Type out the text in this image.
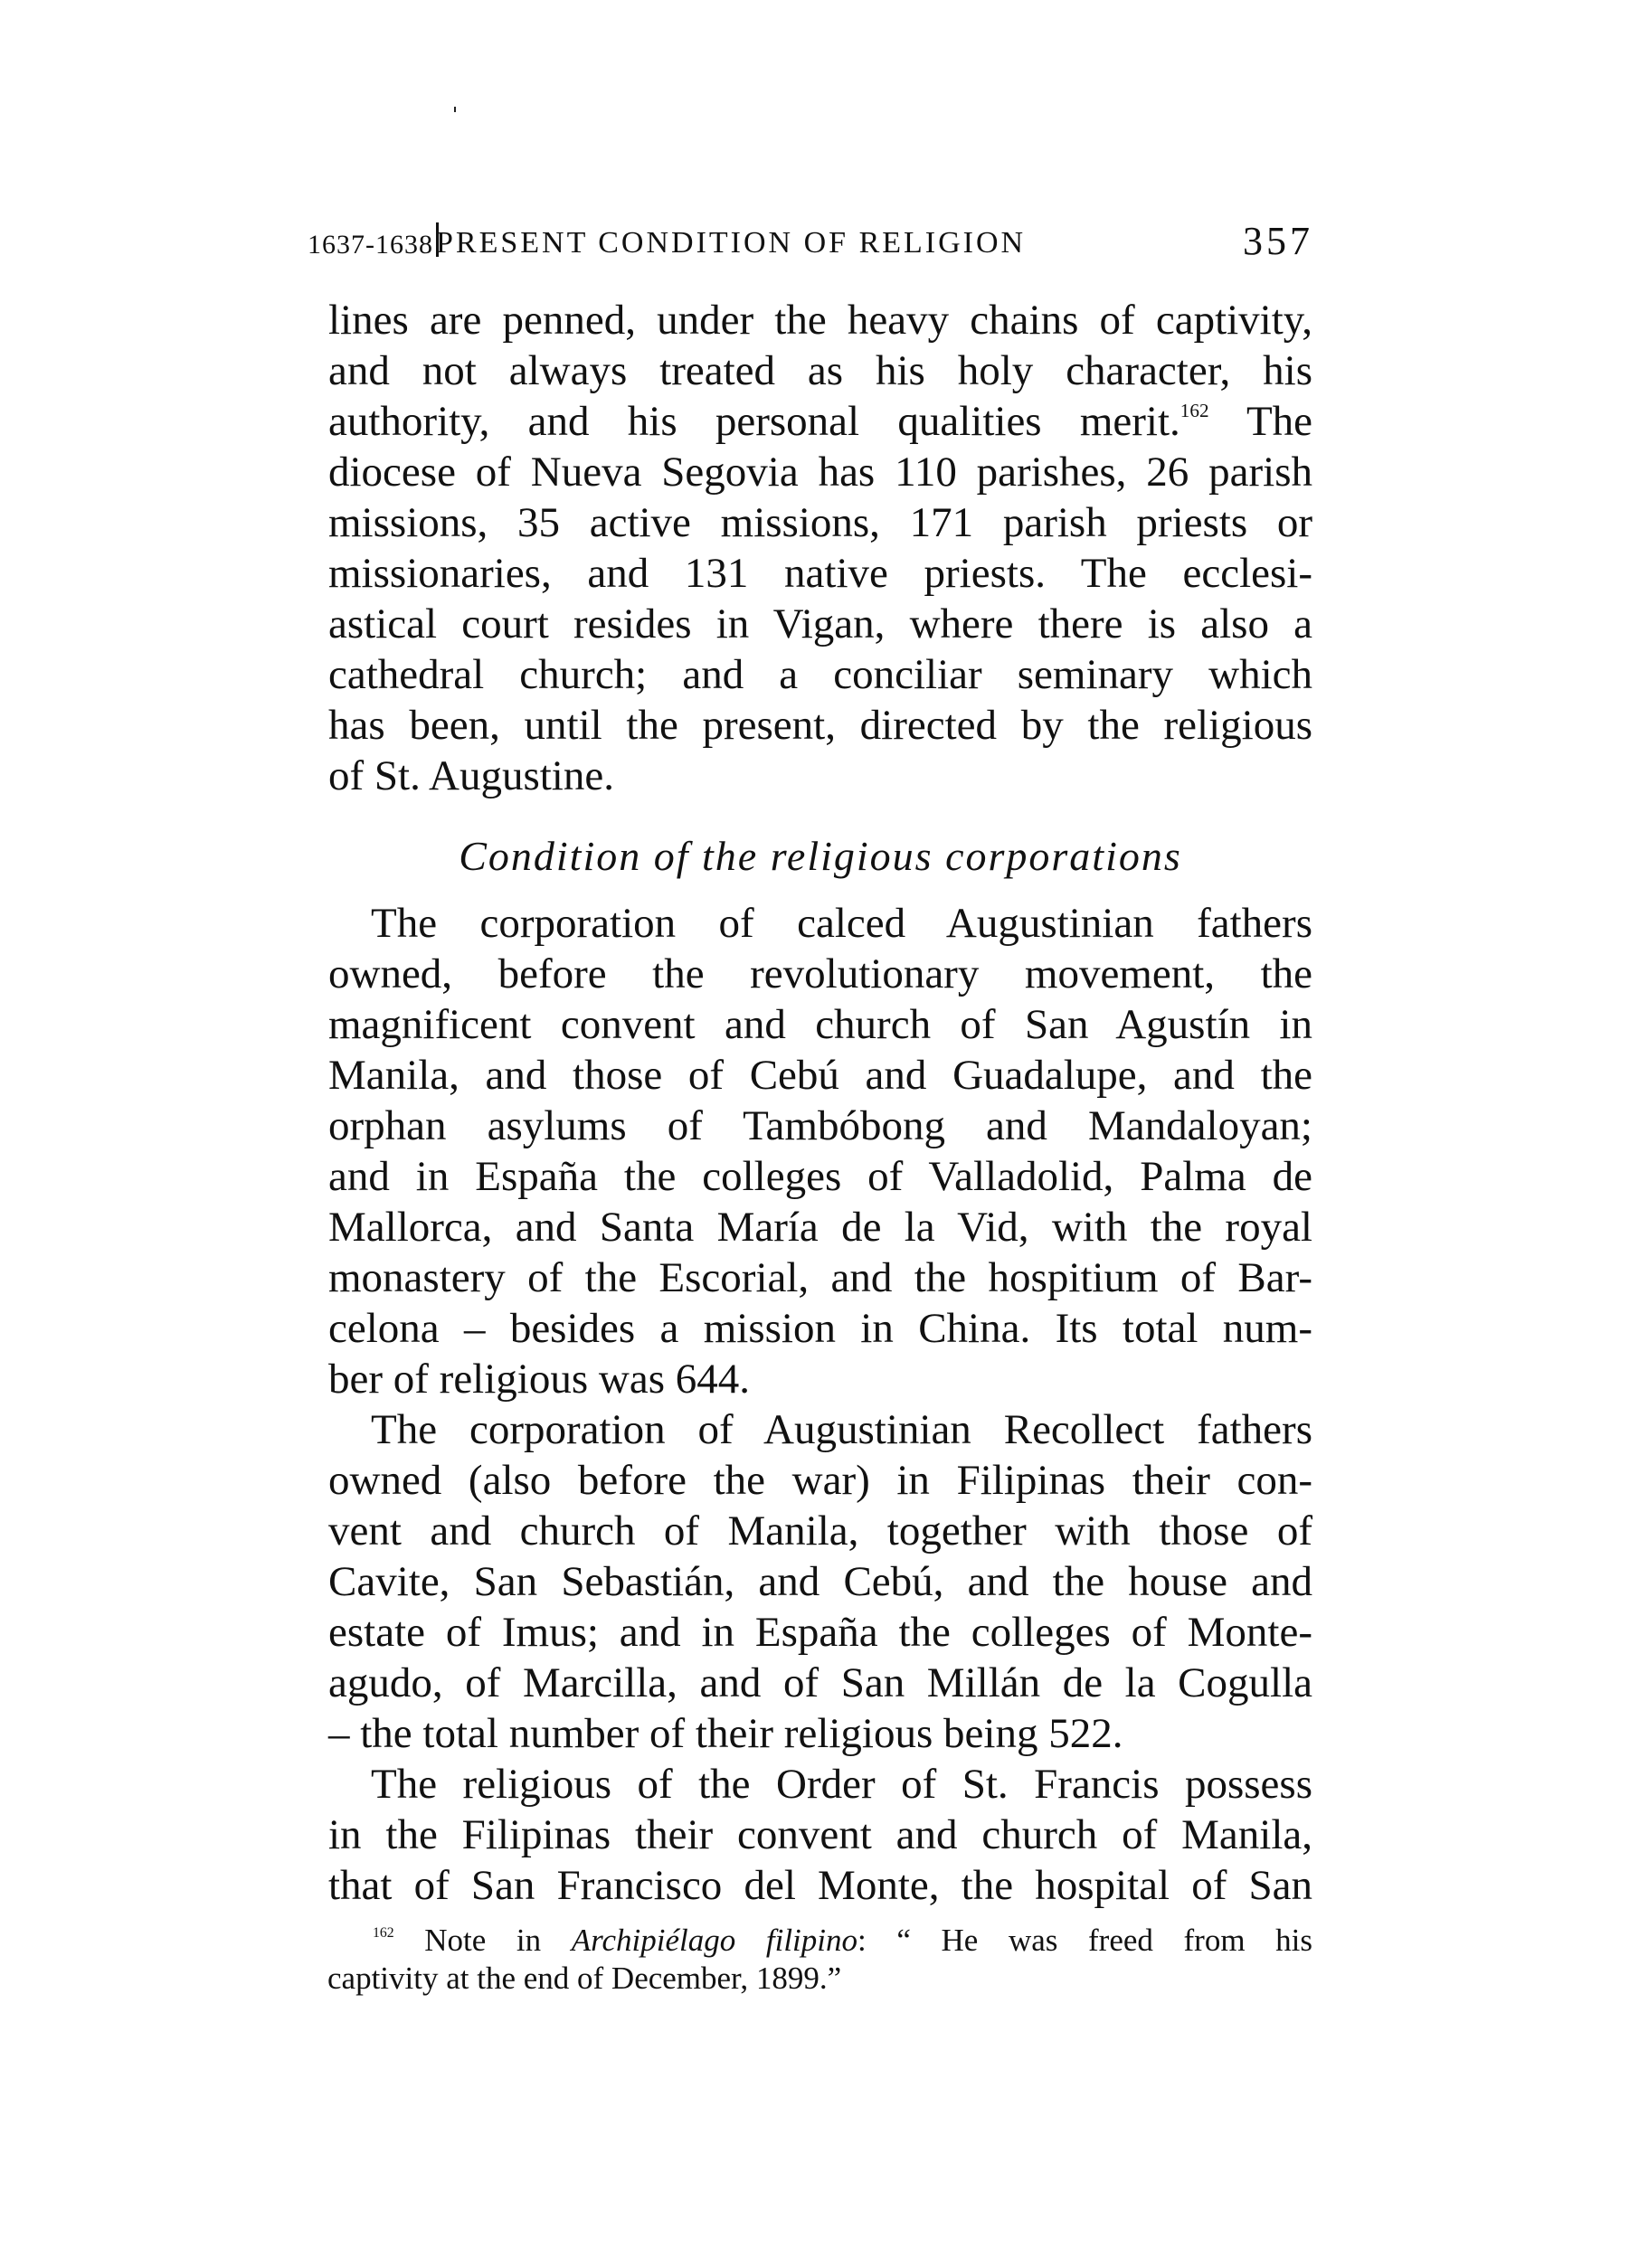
1637-1638 PRESENT CONDITION OF RELIGION	357
lines are penned, under the heavy chains of captivity,
and not always treated as his holy character, his
authority, and his personal qualities merit.$^{162}$ The
diocese of Nueva Segovia has 110 parishes, 26 parish
missions, 35 active missions, 171 parish priests or
missionaries, and 131 native priests. The ecclesi-
astical court resides in Vigan, where there is also a
cathedral church; and a conciliar seminary which
has been, until the present, directed by the religious
of St. Augustine.
Condition of the religious corporations
The corporation of calced Augustinian fathers
owned, before the revolutionary movement, the
magnificent convent and church of San Agustín in
Manila, and those of Cebú and Guadalupe, and the
orphan asylums of Tambóbong and Mandaloyan;
and in España the colleges of Valladolid, Palma de
Mallorca, and Santa María de la Vid, with the royal
monastery of the Escorial, and the hospitium of Bar-
celona – besides a mission in China. Its total num-
ber of religious was 644.
The corporation of Augustinian Recollect fathers
owned (also before the war) in Filipinas their con-
vent and church of Manila, together with those of
Cavite, San Sebastián, and Cebú, and the house and
estate of Imus; and in España the colleges of Monte-
agudo, of Marcilla, and of San Millán de la Cogulla
– the total number of their religious being 522.
The religious of the Order of St. Francis possess
in the Filipinas their convent and church of Manila,
that of San Francisco del Monte, the hospital of San
$^{162}$ Note in Archipiélago filipino: “ He was freed from his
captivity at the end of December, 1899.”
